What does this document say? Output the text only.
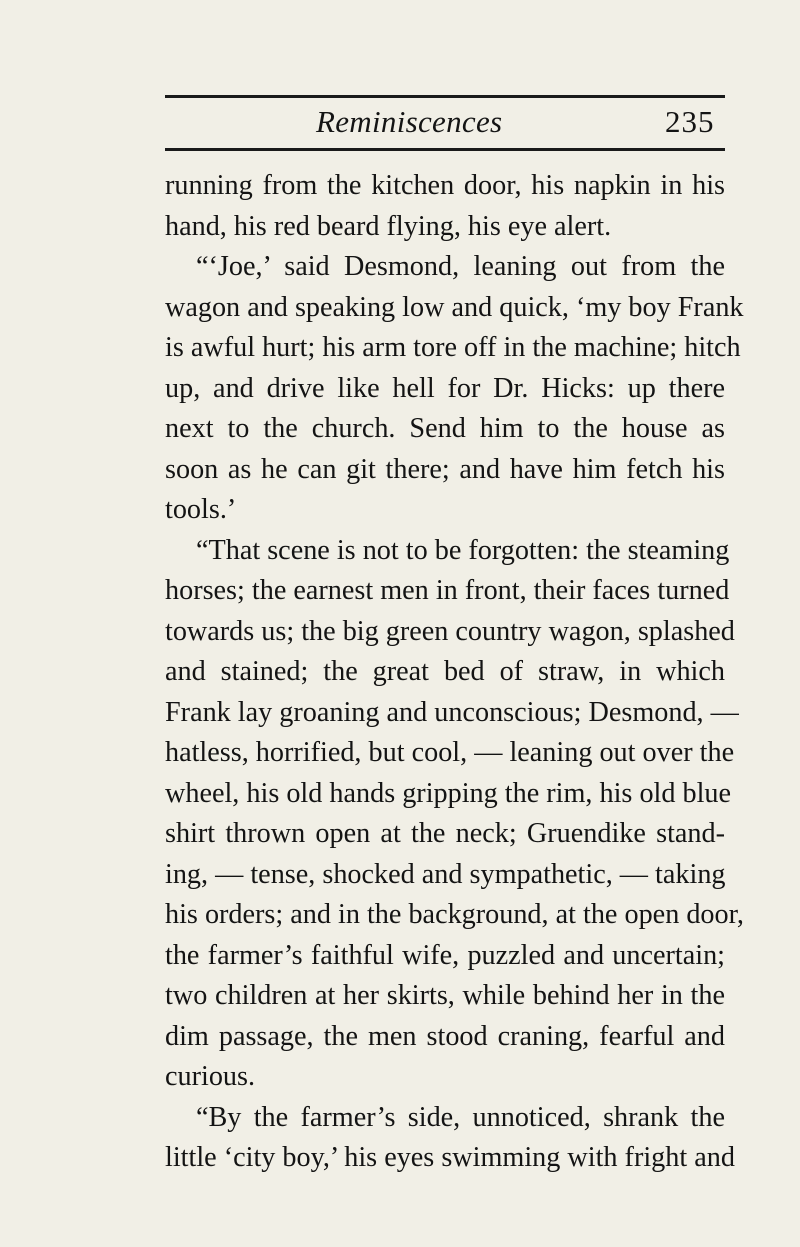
Reminiscences	235
running from the kitchen door, his napkin in his
hand, his red beard flying, his eye alert.
“‘Joe,’ said Desmond, leaning out from the
wagon and speaking low and quick, ‘my boy Frank
is awful hurt; his arm tore off in the machine; hitch
up, and drive like hell for Dr. Hicks: up there
next to the church. Send him to the house as
soon as he can git there; and have him fetch his
tools.’
“That scene is not to be forgotten: the steaming
horses; the earnest men in front, their faces turned
towards us; the big green country wagon, splashed
and stained; the great bed of straw, in which
Frank lay groaning and unconscious; Desmond, —
hatless, horrified, but cool, — leaning out over the
wheel, his old hands gripping the rim, his old blue
shirt thrown open at the neck; Gruendike stand-
ing, — tense, shocked and sympathetic, — taking
his orders; and in the background, at the open door,
the farmer’s faithful wife, puzzled and uncertain;
two children at her skirts, while behind her in the
dim passage, the men stood craning, fearful and
curious.
“By the farmer’s side, unnoticed, shrank the
little ‘city boy,’ his eyes swimming with fright and
